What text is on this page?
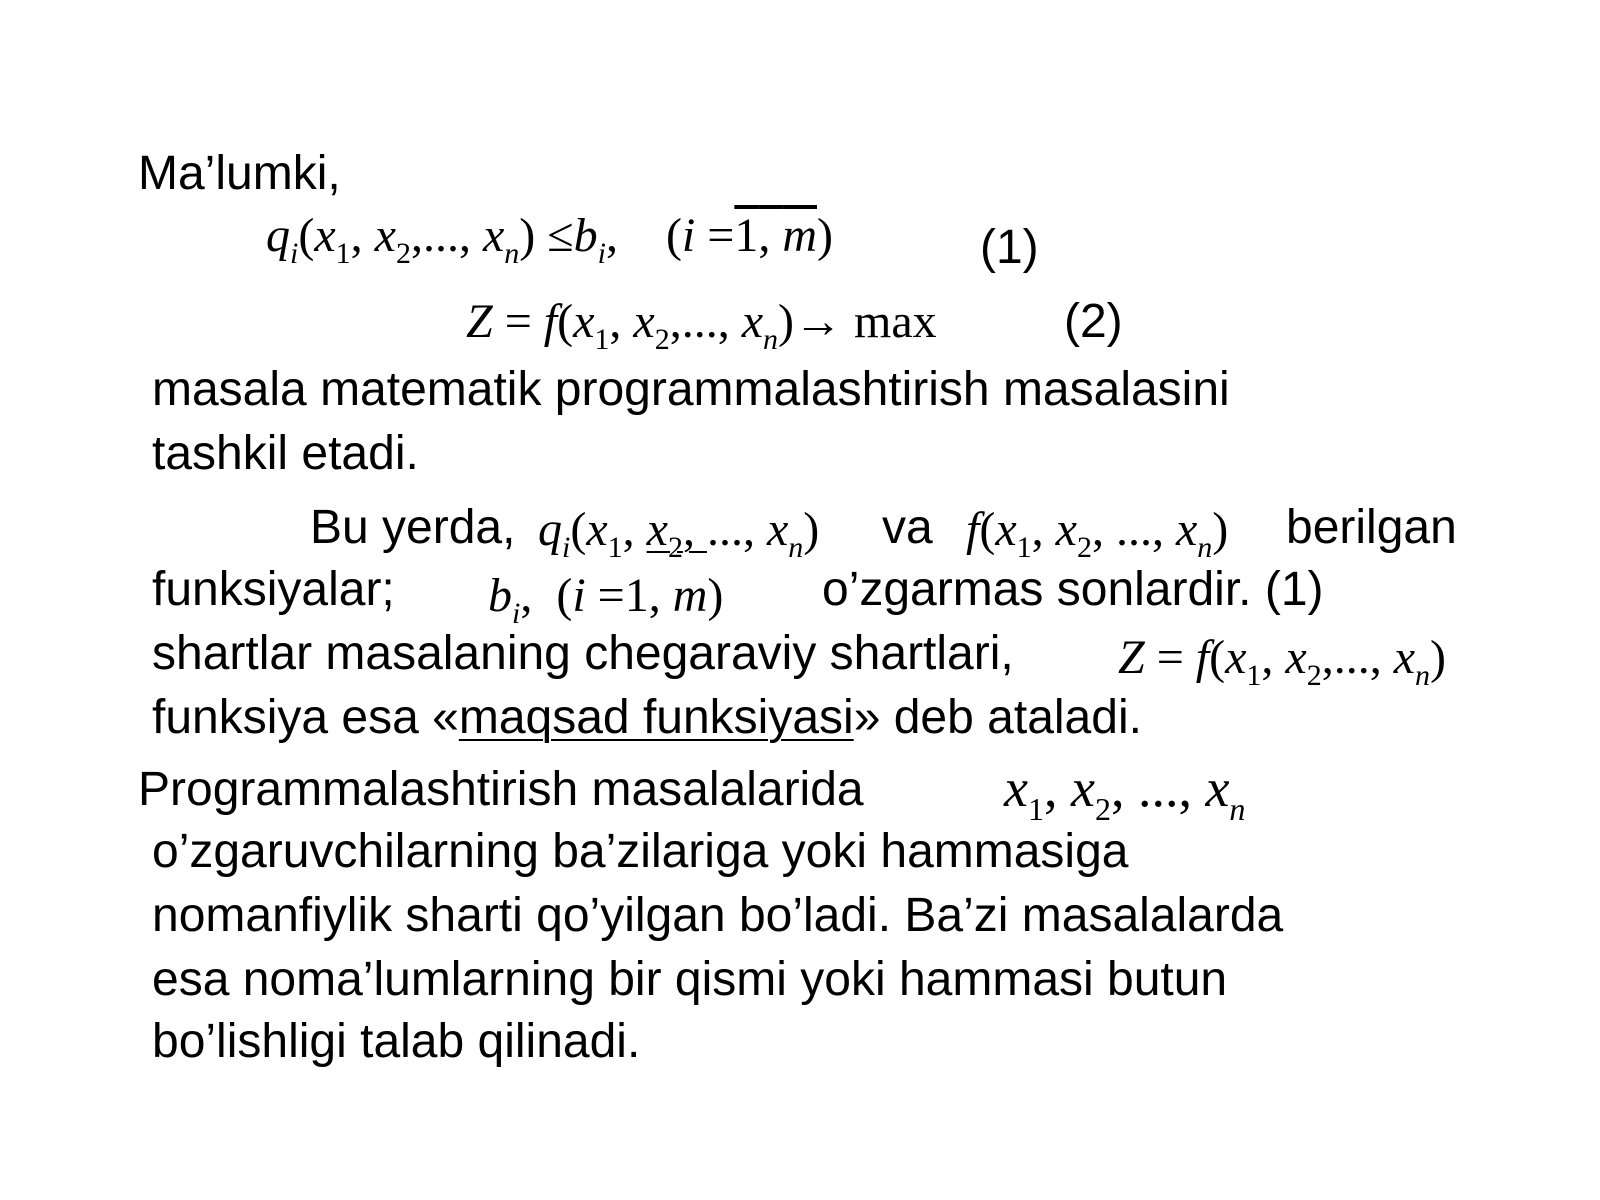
Ma’lumki,
$q_i(x_1$, $x_2$,..., $x_n) \le b_i$,    (i =1, m)	(1)
$Z = f(x_1$, $x_2$,..., $x_n)\to \max$	(2)
masala matematik programmalashtirish masalasini
tashkil etadi.
Bu yerda, $q_i(x_1$, $x_2$, ..., $x_n$) va $f(x_1$, $x_2$, ..., $x_n$) berilgan
funksiyalar; $b_i$,  (i =1, m) o’zgarmas sonlardir. (1)
shartlar masalaning chegaraviy shartlari, $Z = f(x_1$, $x_2$,..., $x_n$)
funksiya esa «maqsad funksiyasi» deb ataladi.
Programmalashtirish masalalarida	$x_1$, $x_2$, ..., $x_n$
o’zgaruvchilarning ba’zilariga yoki hammasiga
nomanfiylik sharti qo’yilgan bo’ladi. Ba’zi masalalarda
esa noma’lumlarning bir qismi yoki hammasi butun
bo’lishligi talab qilinadi.
